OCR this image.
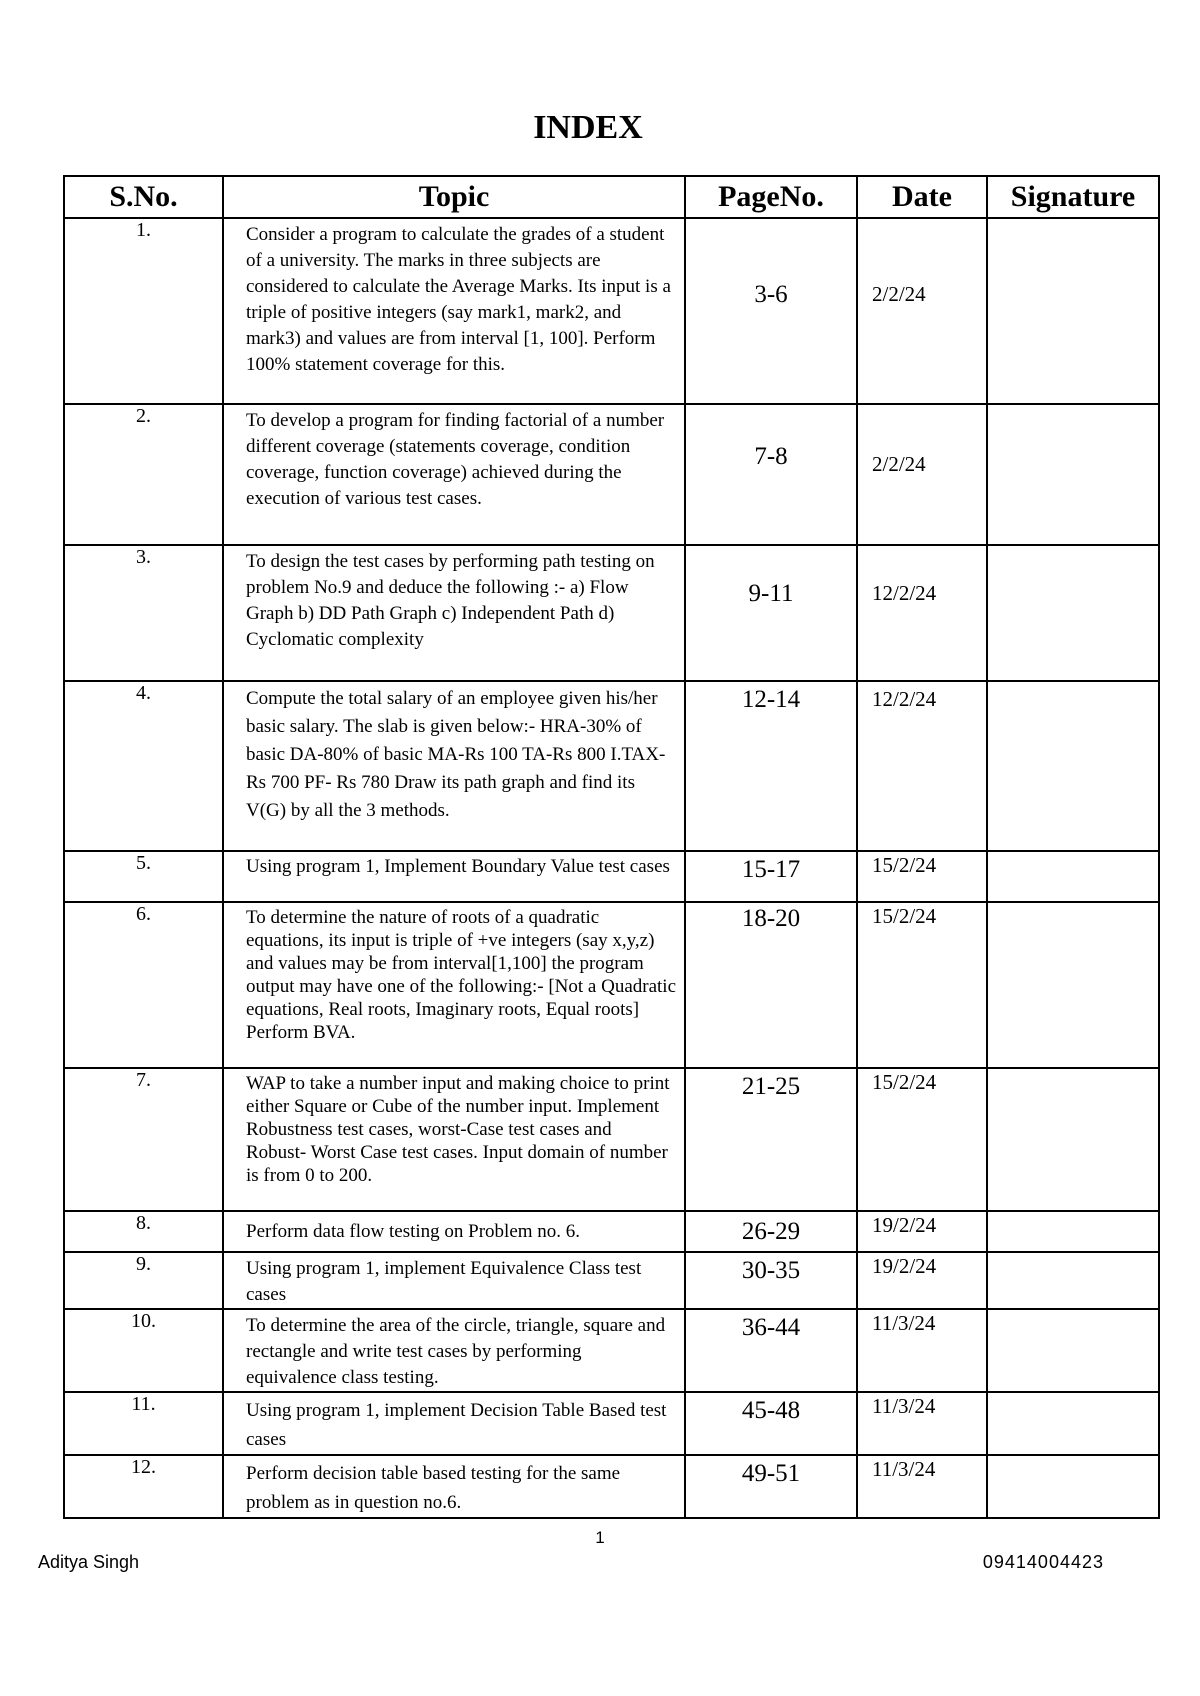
INDEX
S.No.	Topic	PageNo.	Date	Signature
1.	Consider a program to calculate the grades of a student of a university. The marks in three subjects are considered to calculate the Average Marks. Its input is a triple of positive integers (say mark1, mark2, and mark3) and values are from interval [1, 100]. Perform 100% statement coverage for this.	3-6	2/2/24	
2.	To develop a program for finding factorial of a number different coverage (statements coverage, condition coverage, function coverage) achieved during the execution of various test cases.	7-8	2/2/24	
3.	To design the test cases by performing path testing on problem No.9 and deduce the following :- a) Flow Graph b) DD Path Graph c) Independent Path d) Cyclomatic complexity	9-11	12/2/24	
4.	Compute the total salary of an employee given his/her basic salary. The slab is given below:- HRA-30% of basic DA-80% of basic MA-Rs 100 TA-Rs 800 I.TAX- Rs 700 PF- Rs 780 Draw its path graph and find its V(G) by all the 3 methods.	12-14	12/2/24	
5.	Using program 1, Implement Boundary Value test cases	15-17	15/2/24	
6.	To determine the nature of roots of a quadratic equations, its input is triple of +ve integers (say x,y,z) and values may be from interval[1,100] the program output may have one of the following:- [Not a Quadratic equations, Real roots, Imaginary roots, Equal roots] Perform BVA.	18-20	15/2/24	
7.	WAP to take a number input and making choice to print either Square or Cube of the number input. Implement Robustness test cases, worst-Case test cases and Robust- Worst Case test cases. Input domain of number is from 0 to 200.	21-25	15/2/24	
8.	Perform data flow testing on Problem no. 6.	26-29	19/2/24	
9.	Using program 1, implement Equivalence Class test cases	30-35	19/2/24	
10.	To determine the area of the circle, triangle, square and rectangle and write test cases by performing equivalence class testing.	36-44	11/3/24	
11.	Using program 1, implement Decision Table Based test cases	45-48	11/3/24	
12.	Perform decision table based testing for the same problem as in question no.6.	49-51	11/3/24	
1
Aditya Singh	09414004423
